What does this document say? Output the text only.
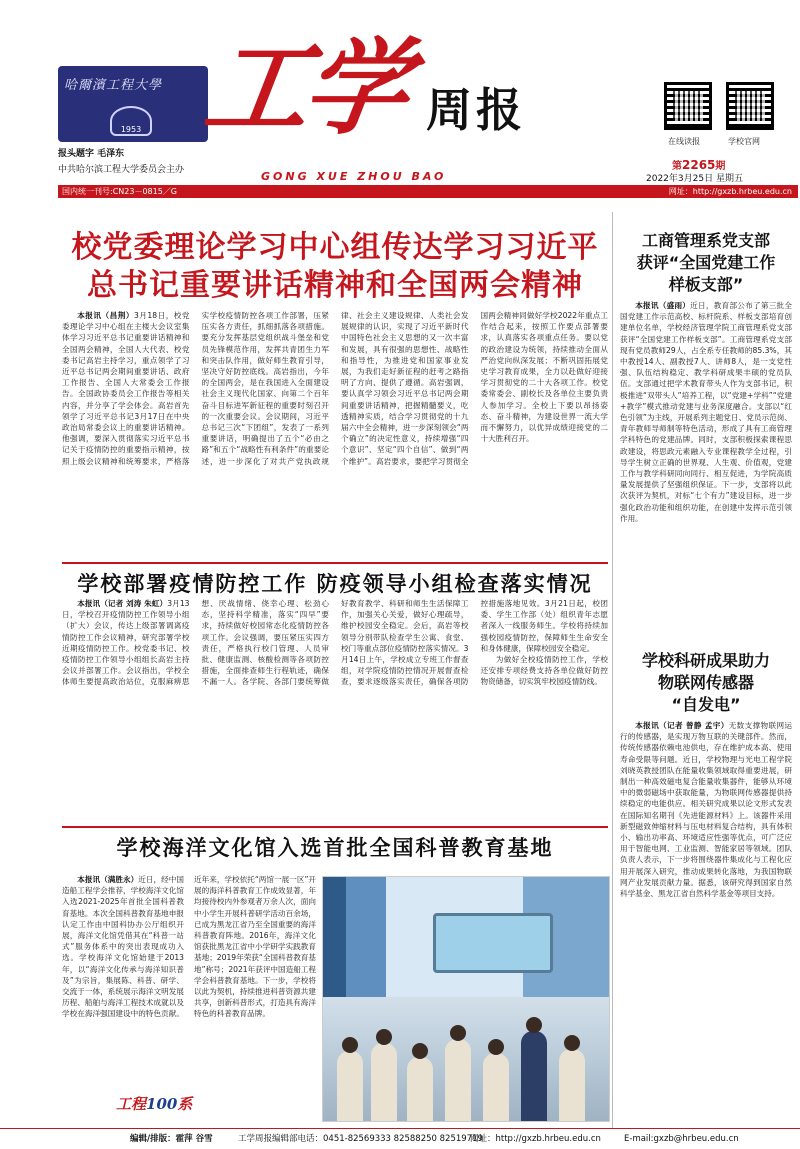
哈爾濱工程大學
1953
报头题字 毛泽东
中共哈尔滨工程大学委员会主办
工学 周报
GONG XUE ZHOU BAO
在线读报	学校官网
第2265期
2022年3月25日 星期五
国内统一刊号:CN23－0815／G	网址：http://gxzb.hrbeu.edu.cn
校党委理论学习中心组传达学习习近平
总书记重要讲话精神和全国两会精神

本报讯（昌荆）3月18日，校党委理论学习中心组在主楼大会议室集体学习习近平总书记重要讲话精神和全国两会精神，全国人大代表、校党委书记高岩主持学习，重点领学了习近平总书记两会期间重要讲话、政府工作报告、全国人大常委会工作报告。全国政协委员会工作报告等相关内容，并分享了学会体会。高岩首先领学了习近平总书记3月17日在中央政治局常委会议上的重要讲话精神。他强调，要深入贯彻落实习近平总书记关于疫情防控的重要指示精神，按照上级会议精神和统筹要求，严格落实学校疫情防控各项工作部署，压紧压实各方责任，抓细抓落各项措施。要充分发挥基层党组织战斗堡垒和党员先锋模范作用，发挥共青团生力军和突击队作用，做好师生教育引导，坚决守好防控底线。高岩指出，今年的全国两会，是在我国进入全面建设社会主义现代化国家、向第二个百年奋斗目标进军新征程的重要时刻召开的一次重要会议。会议期间，习近平总书记三次“下团组”，发表了一系列重要讲话，明确提出了五个“必由之路”和五个“战略性有利条件”的重要论述，进一步深化了对共产党执政规律、社会主义建设规律、人类社会发展规律的认识，实现了习近平新时代中国特色社会主义思想的又一次丰富和发展，具有很强的思想性、战略性和指导性，为推进党和国家事业发展，为我们走好新征程的赶考之路指明了方向、提供了遵循。高岩强调，要认真学习领会习近平总书记两会期间重要讲话精神，把握精髓要义，吃透精神实质，结合学习贯彻党的十九届六中全会精神，进一步深刻领会“两个确立”的决定性意义，持续增强“四个意识”、坚定“四个自信”、做到“两个维护”。高岩要求，要把学习贯彻全国两会精神同做好学校2022年重点工作结合起来，按照工作要点部署要求，认真落实各项重点任务。要以党的政治建设为统领，持续推动全面从严治党向纵深发展；不断巩固拓展党史学习教育成果，全力以赴做好迎接学习贯彻党的二十大各项工作。校党委常委会、副校长及各单位主要负责人参加学习。全校上下要以昂扬姿态、奋斗精神，为建设世界一流大学而不懈努力，以优异成绩迎接党的二十大胜利召开。

学校部署疫情防控工作 防疫领导小组检查落实情况

本报讯（记者 刘涛 朱虹）3月13日，学校召开疫情防控工作领导小组（扩大）会议，传达上级部署调离疫情防控工作会议精神，研究部署学校近期疫情防控工作。校党委书记、校疫情防控工作领导小组组长高岩主持会议并部署工作。会议指出，学校全体师生要提高政治站位，克服麻痹思想、厌战情绪、侥幸心理、松劲心态，坚持科学精准，落实“四早”要求，持续做好校园常态化疫情防控各项工作。会议强调，要压紧压实四方责任，严格执行校门管理、人员审批、健康监测、核酸检测等各项防控措施，全面排查师生行程轨迹，确保不漏一人。各学院、各部门要统筹做好教育教学、科研和师生生活保障工作，加强关心关爱，做好心理疏导，维护校园安全稳定。会后，高岩等校领导分别带队检查学生公寓、食堂、校门等重点部位疫情防控落实情况。3月14日上午，学校成立专班工作督查组，对学院疫情防控情况开展督查检查，要求逐级落实责任，确保各项防控措施落地见效。3月21日起，校团委、学生工作部（处）组织青年志愿者深入一线服务师生。学校将持续加强校园疫情防控，保障师生生命安全和身体健康，保障校园安全稳定。

为做好全校疫情防控工作，学校还安排专项经费支持各单位做好防控物资储备，切实筑牢校园疫情防线。

学校海洋文化馆入选首批全国科普教育基地

本报讯（满胜永）近日，经中国造船工程学会推荐，学校海洋文化馆入选2021-2025年首批全国科普教育基地。本次全国科普教育基地申报认定工作由中国科协办公厅组织开展，海洋文化馆凭借其在“科普一站式”服务体系中的突出表现成功入选。学校海洋文化馆始建于2013年，以“海洋文化传承与海洋知识普及”为宗旨，集展陈、科普、研学、交流于一体，系统展示海洋文明发展历程、船舶与海洋工程技术成就以及学校在海洋强国建设中的特色贡献。近年来，学校依托“两馆一展一区”开展的海洋科普教育工作成效显著，年均接待校内外参观者万余人次，面向中小学生开展科普研学活动百余场，已成为黑龙江省乃至全国重要的海洋科普教育阵地。2016年，海洋文化馆获批黑龙江省中小学研学实践教育基地；2019年荣获“全国科普教育基地”称号；2021年获评中国造船工程学会科普教育基地。下一步，学校将以此为契机，持续推进科普资源共建共享，创新科普形式，打造具有海洋特色的科普教育品牌。

工程100系
工商管理系党支部
获评“全国党建工作
样板支部”

本报讯（盛雨）近日，教育部公布了第三批全国党建工作示范高校、标杆院系、样板支部培育创建单位名单，学校经济管理学院工商管理系党支部获评“全国党建工作样板支部”。工商管理系党支部现有党员教师29人，占全系专任教师的85.3%，其中教授14人、副教授7人、讲师8人，是一支党性强、队伍结构稳定、教学科研成果丰硕的党员队伍。支部通过把学术教育带头人作为支部书记，积极推进“双带头人”培养工程，以“党建+学科”“党建+教学”模式推动党建与业务深度融合。支部以“红色引领”为主线，开展系列主题党日、党员示范岗、青年教师导师制等特色活动，形成了具有工商管理学科特色的党建品牌。同时，支部积极探索课程思政建设，将思政元素融入专业课程教学全过程，引导学生树立正确的世界观、人生观、价值观，党建工作与教学科研同向同行、相互促进，为学院高质量发展提供了坚强组织保证。下一步，支部将以此次获评为契机，对标“七个有力”建设目标，进一步强化政治功能和组织功能，在创建中发挥示范引领作用。

学校科研成果助力
物联网传感器
“自发电”

本报讯（记者 曾静 孟宇）无数支撑物联网运行的传感器，是实现万物互联的关键部件。然而，传统传感器依赖电池供电，存在维护成本高、使用寿命受限等问题。近日，学校物理与光电工程学院刘晓英教授团队在能量收集领域取得重要进展，研制出一种高效磁电复合能量收集器件，能够从环境中的微弱磁场中获取能量，为物联网传感器提供持续稳定的电能供应。相关研究成果以论文形式发表在国际知名期刊《先进能源材料》上。该器件采用新型磁致伸缩材料与压电材料复合结构，具有体积小、输出功率高、环境适应性强等优点，可广泛应用于智能电网、工业监测、智能家居等领域。团队负责人表示，下一步将围绕器件集成化与工程化应用开展深入研究，推动成果转化落地，为我国物联网产业发展贡献力量。据悉，该研究得到国家自然科学基金、黑龙江省自然科学基金等项目支持。

编辑/排版：霍萍 谷雪	工学周报编辑部电话：0451-82569333 82588250 82519719
网址：http://gxzb.hrbeu.edu.cn	E-mail:gxzb@hrbeu.edu.cn
